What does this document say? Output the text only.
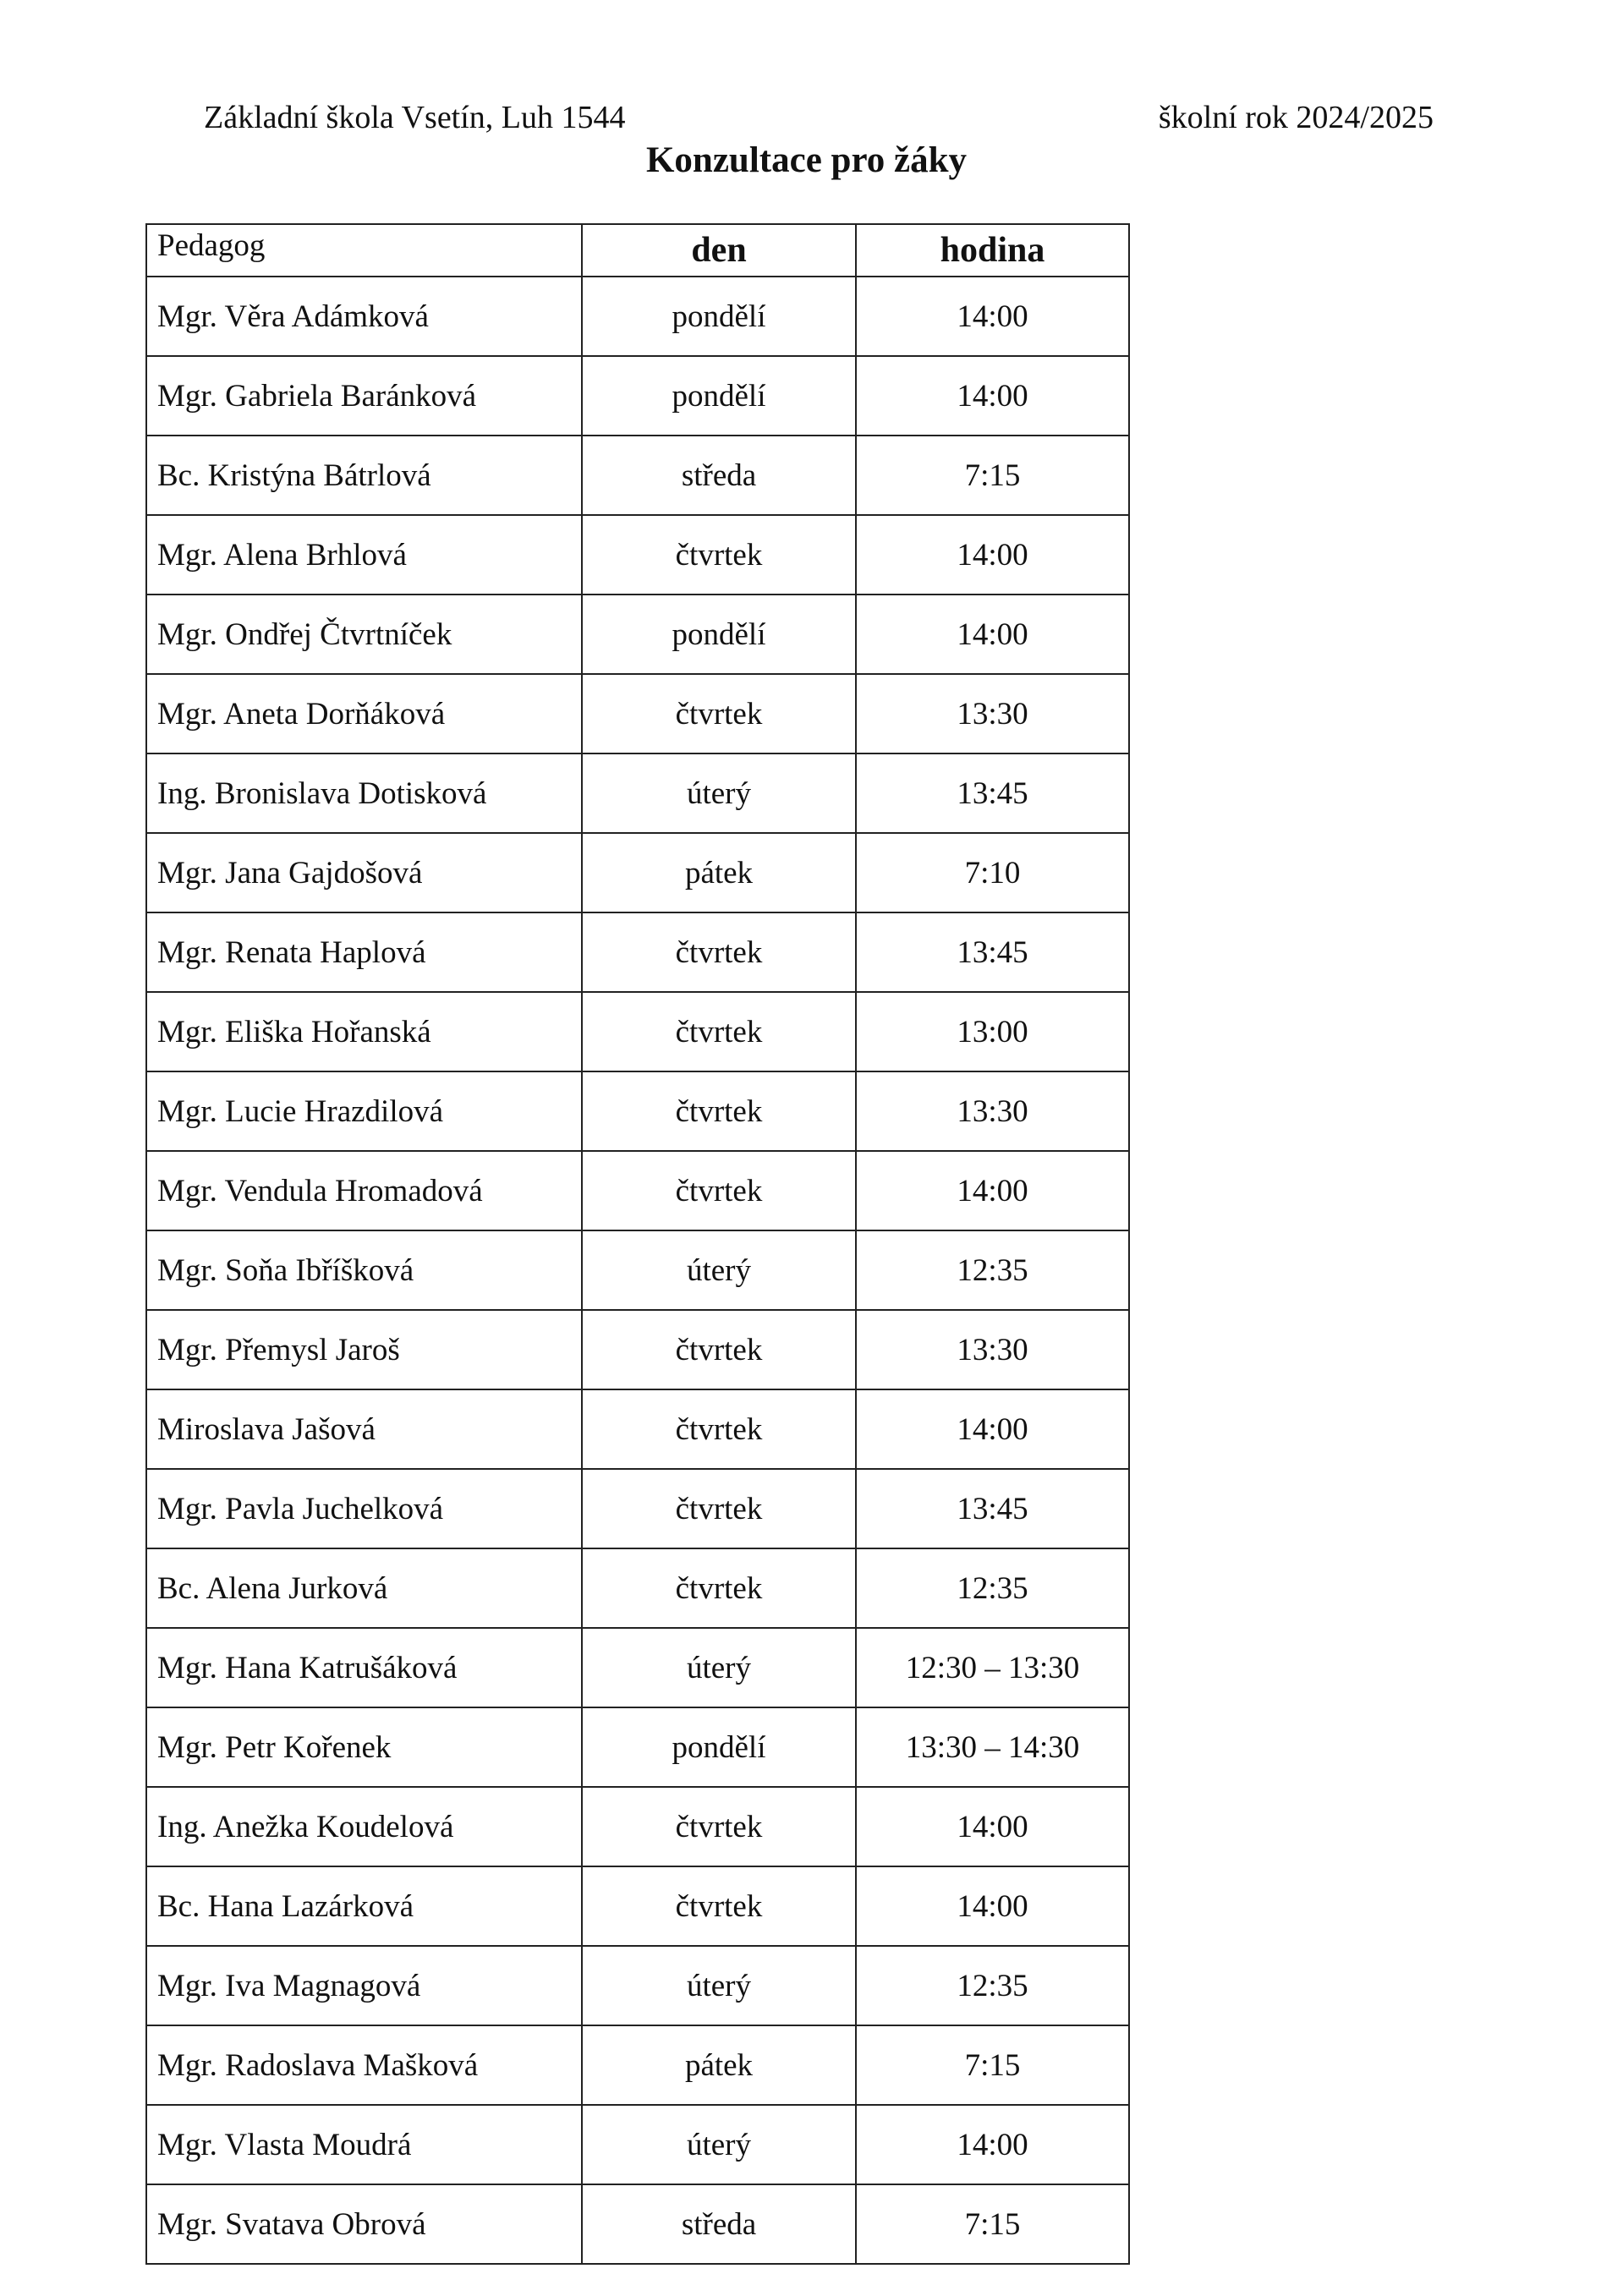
Základní škola Vsetín, Luh 1544	školní rok 2024/2025
Konzultace pro žáky
Pedagog	den	hodina
Mgr. Věra Adámková	pondělí	14:00
Mgr. Gabriela Baránková	pondělí	14:00
Bc. Kristýna Bátrlová	středa	7:15
Mgr. Alena Brhlová	čtvrtek	14:00
Mgr. Ondřej Čtvrtníček	pondělí	14:00
Mgr. Aneta Dorňáková	čtvrtek	13:30
Ing. Bronislava Dotisková	úterý	13:45
Mgr. Jana Gajdošová	pátek	7:10
Mgr. Renata Haplová	čtvrtek	13:45
Mgr. Eliška Hořanská	čtvrtek	13:00
Mgr. Lucie Hrazdilová	čtvrtek	13:30
Mgr. Vendula Hromadová	čtvrtek	14:00
Mgr. Soňa Ibříšková	úterý	12:35
Mgr. Přemysl Jaroš	čtvrtek	13:30
Miroslava Jašová	čtvrtek	14:00
Mgr. Pavla Juchelková	čtvrtek	13:45
Bc. Alena Jurková	čtvrtek	12:35
Mgr. Hana Katrušáková	úterý	12:30 – 13:30
Mgr. Petr Kořenek	pondělí	13:30 – 14:30
Ing. Anežka Koudelová	čtvrtek	14:00
Bc. Hana Lazárková	čtvrtek	14:00
Mgr. Iva Magnagová	úterý	12:35
Mgr. Radoslava Mašková	pátek	7:15
Mgr. Vlasta Moudrá	úterý	14:00
Mgr. Svatava Obrová	středa	7:15
